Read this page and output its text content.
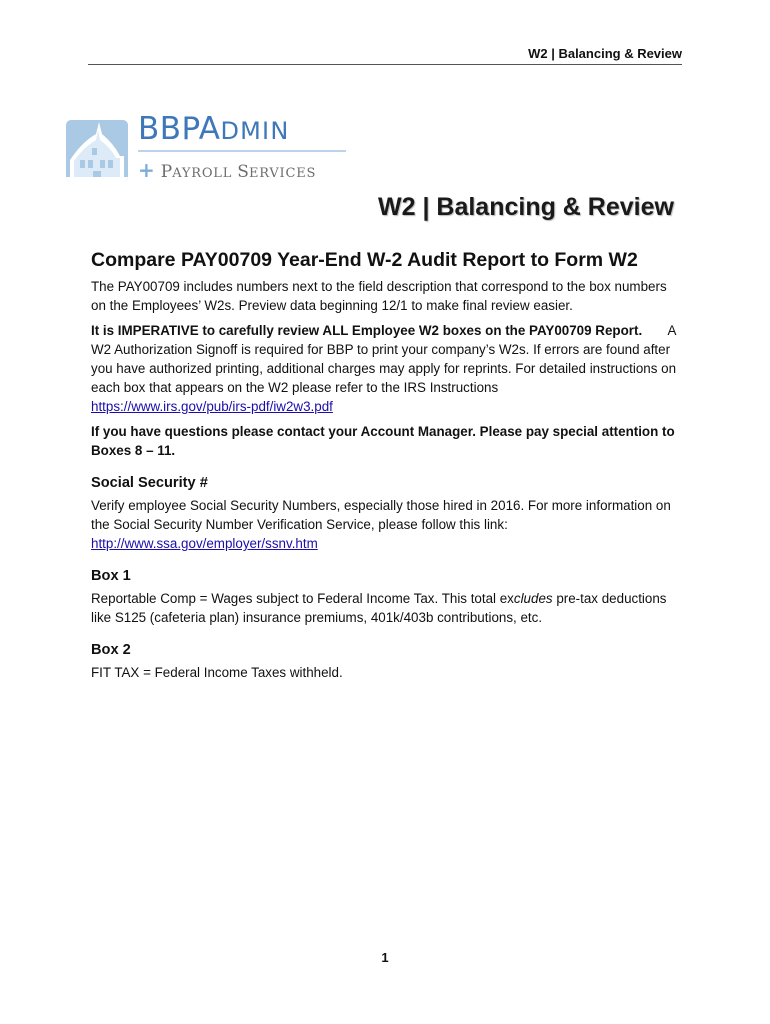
W2 | Balancing & Review
BBPADMIN
+ PAYROLL SERVICES
W2 | Balancing & Review
Compare PAY00709 Year-End W-2 Audit Report to Form W2

The PAY00709 includes numbers next to the field description that correspond to the box numbers on the Employees’ W2s. Preview data beginning 12/1 to make final review easier.

It is IMPERATIVE to carefully review ALL Employee W2 boxes on the PAY00709 Report. A W2 Authorization Signoff is required for BBP to print your company’s W2s. If errors are found after you have authorized printing, additional charges may apply for reprints. For detailed instructions on each box that appears on the W2 please refer to the IRS Instructions
https://www.irs.gov/pub/irs-pdf/iw2w3.pdf

If you have questions please contact your Account Manager. Please pay special attention to Boxes 8 – 11.

Social Security #

Verify employee Social Security Numbers, especially those hired in 2016. For more information on the Social Security Number Verification Service, please follow this link:
http://www.ssa.gov/employer/ssnv.htm

Box 1

Reportable Comp = Wages subject to Federal Income Tax. This total excludes pre-tax deductions like S125 (cafeteria plan) insurance premiums, 401k/403b contributions, etc.

Box 2

FIT TAX = Federal Income Taxes withheld.

1
